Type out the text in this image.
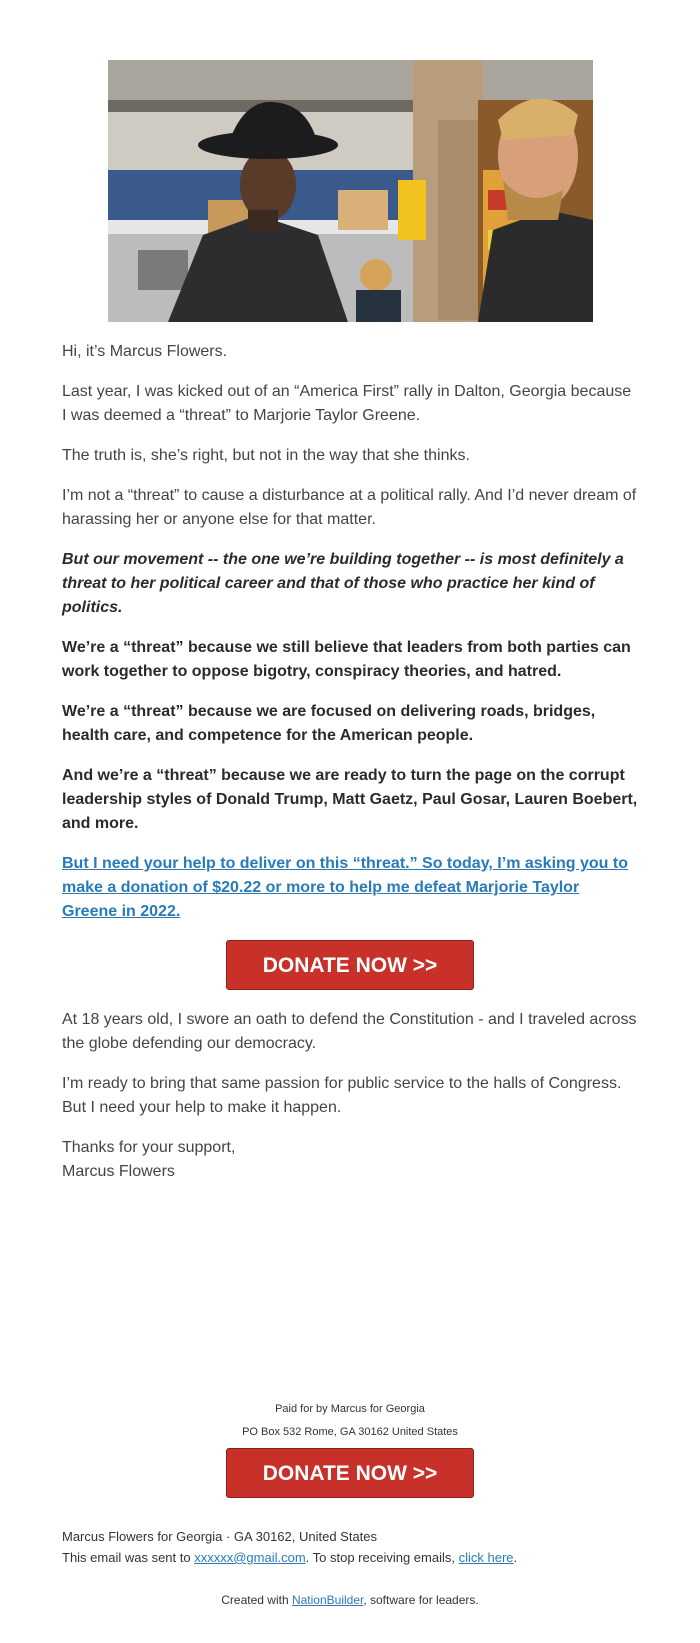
Hi, it’s Marcus Flowers.

Last year, I was kicked out of an “America First” rally in Dalton, Georgia because I was deemed a “threat” to Marjorie Taylor Greene.

The truth is, she’s right, but not in the way that she thinks.

I’m not a “threat” to cause a disturbance at a political rally. And I’d never dream of harassing her or anyone else for that matter.

But our movement -- the one we’re building together -- is most definitely a threat to her political career and that of those who practice her kind of politics.

We’re a “threat” because we still believe that leaders from both parties can work together to oppose bigotry, conspiracy theories, and hatred.

We’re a “threat” because we are focused on delivering roads, bridges, health care, and competence for the American people.

And we’re a “threat” because we are ready to turn the page on the corrupt leadership styles of Donald Trump, Matt Gaetz, Paul Gosar, Lauren Boebert, and more.

But I need your help to deliver on this “threat.” So today, I’m asking you to make a donation of $20.22 or more to help me defeat Marjorie Taylor Greene in 2022.

DONATE NOW >>

At 18 years old, I swore an oath to defend the Constitution - and I traveled across the globe defending our democracy.

I’m ready to bring that same passion for public service to the halls of Congress. But I need your help to make it happen.

Thanks for your support,

Marcus Flowers

Paid for by Marcus for Georgia
PO Box 532 Rome, GA 30162 United States
DONATE NOW >>
Marcus Flowers for Georgia · GA 30162, United States
This email was sent to xxxxxx@gmail.com. To stop receiving emails, click here.
Created with NationBuilder, software for leaders.
